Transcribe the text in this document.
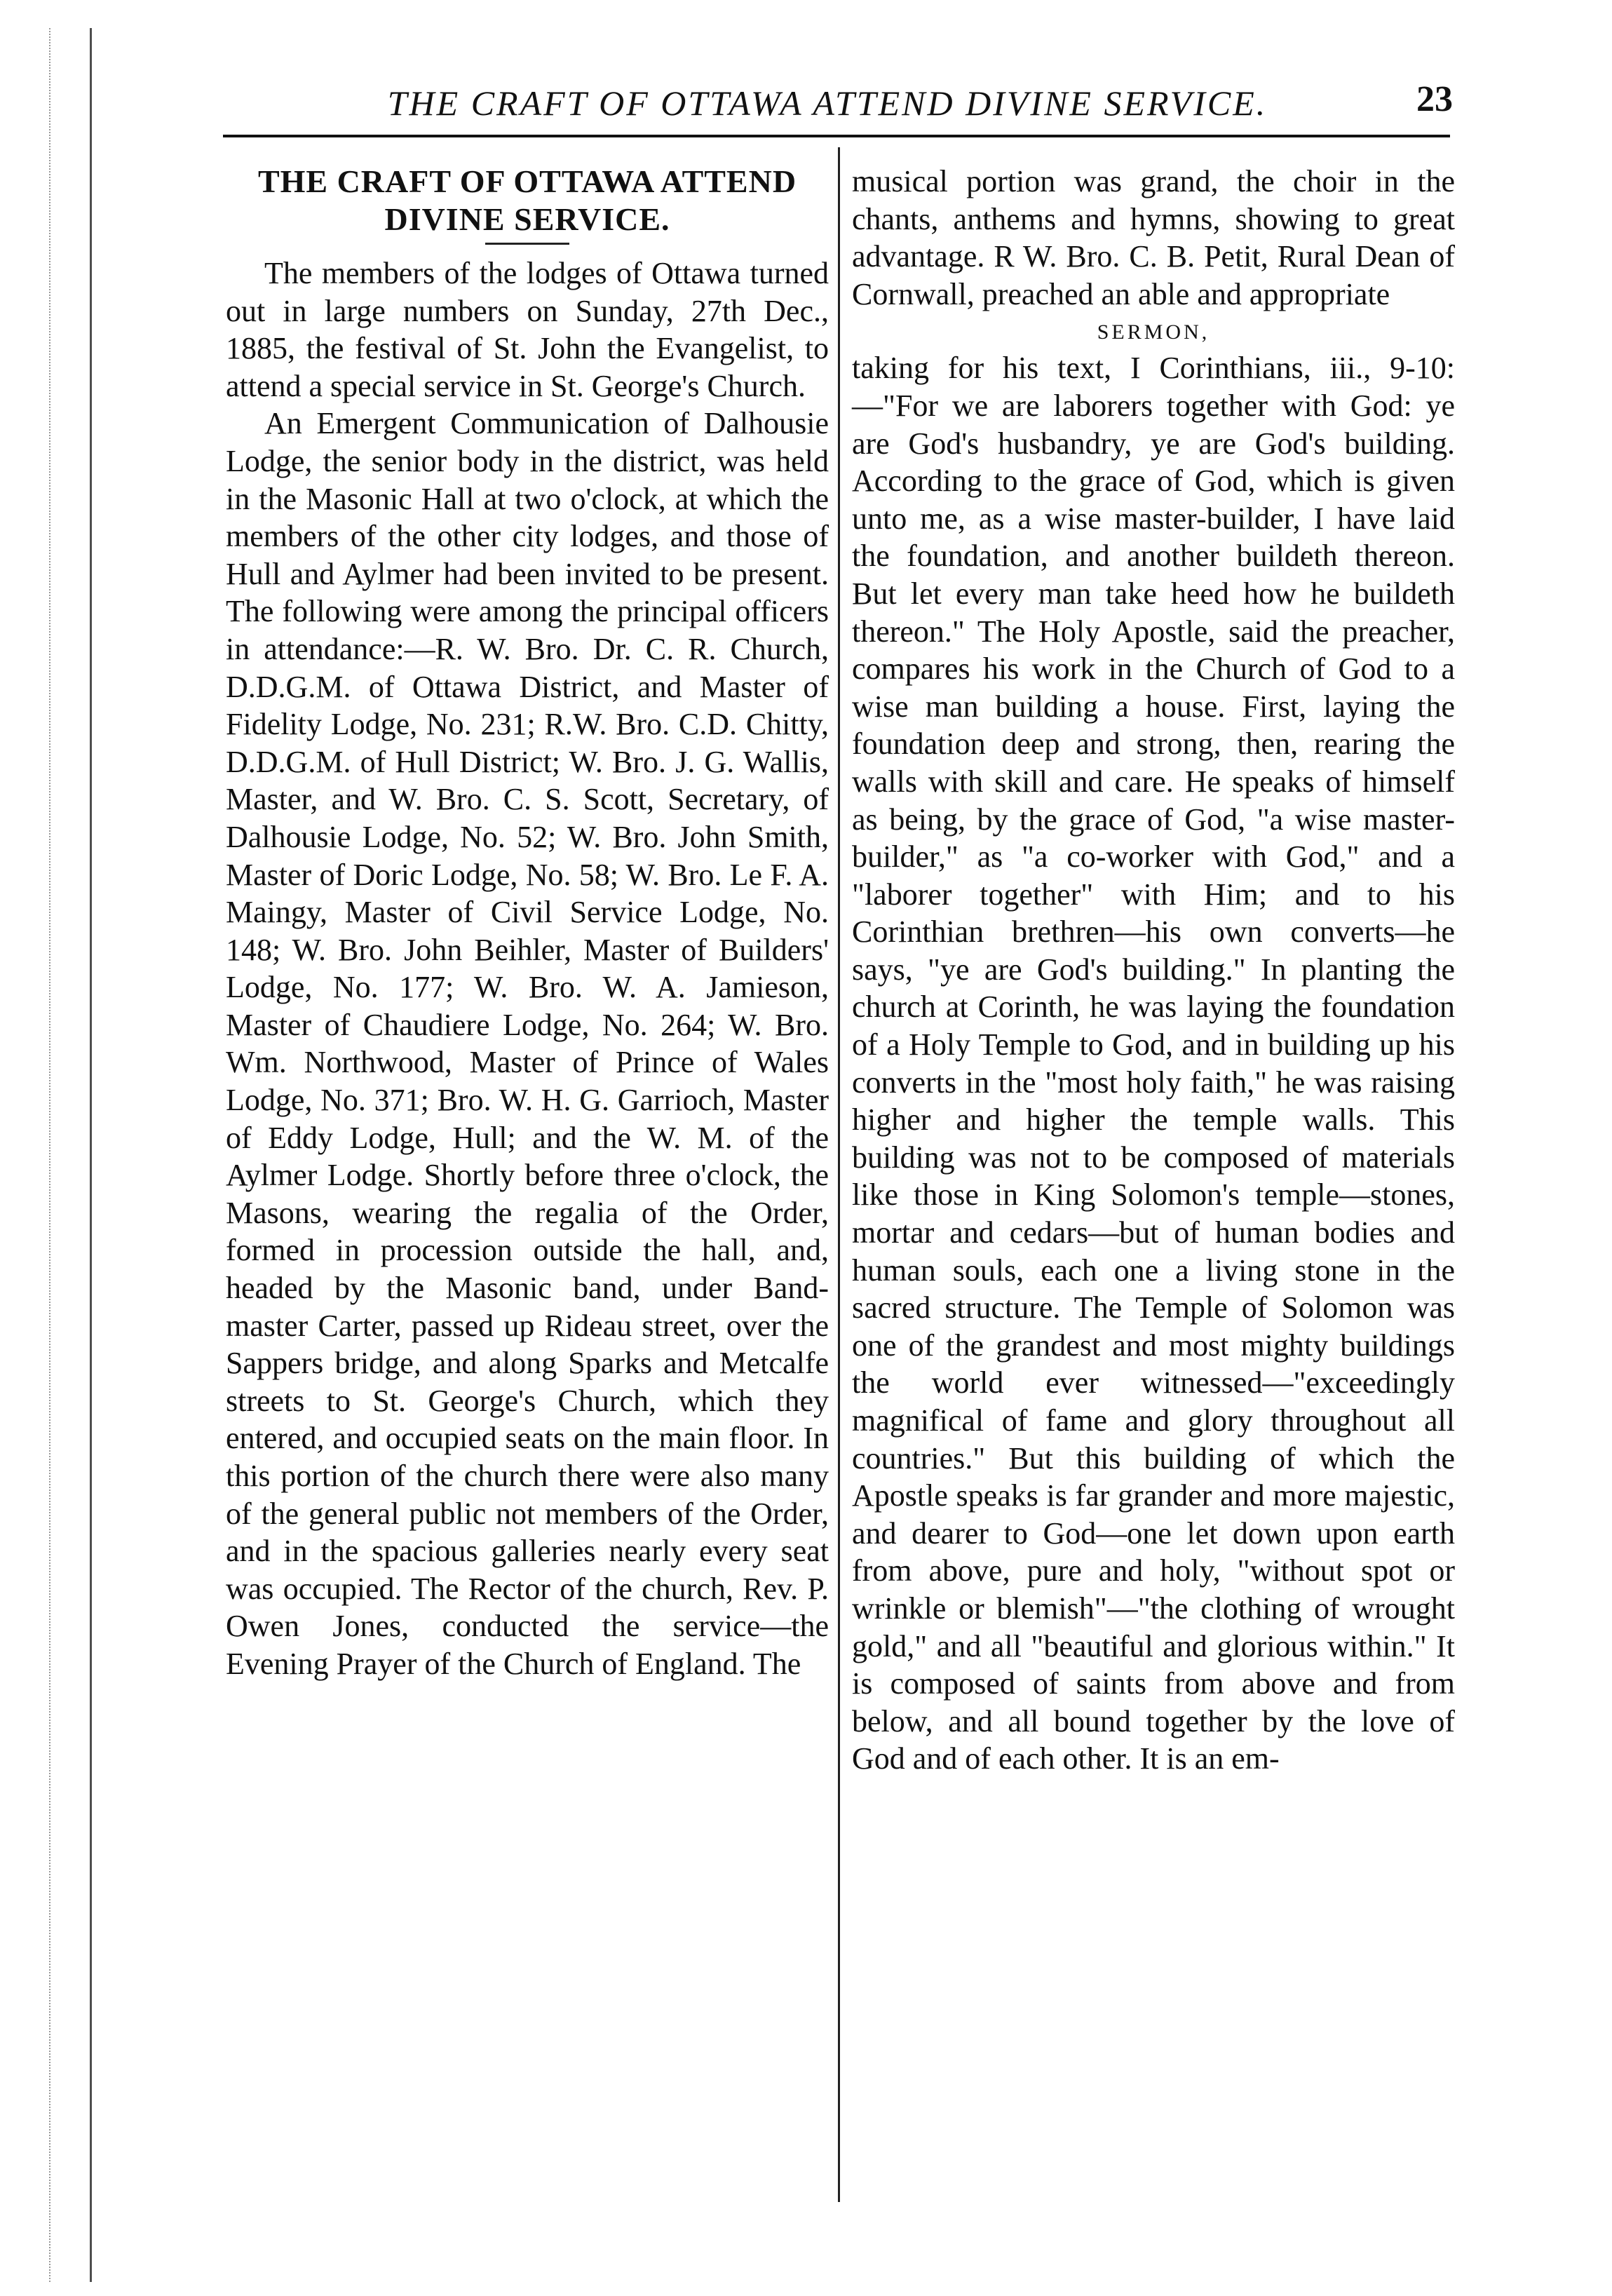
THE CRAFT OF OTTAWA ATTEND DIVINE SERVICE.	23
THE CRAFT OF OTTAWA ATTEND DIVINE SERVICE.

The members of the lodges of Ottawa turned out in large numbers on Sunday, 27th Dec., 1885, the festival of St. John the Evangelist, to attend a special service in St. George's Church.

An Emergent Communication of Dalhousie Lodge, the senior body in the district, was held in the Masonic Hall at two o'clock, at which the members of the other city lodges, and those of Hull and Aylmer had been invited to be present. The following were among the principal officers in attendance:—R. W. Bro. Dr. C. R. Church, D.D.G.M. of Ottawa District, and Master of Fidelity Lodge, No. 231; R.W. Bro. C.D. Chitty, D.D.G.M. of Hull District; W. Bro. J. G. Wallis, Master, and W. Bro. C. S. Scott, Secretary, of Dalhousie Lodge, No. 52; W. Bro. John Smith, Master of Doric Lodge, No. 58; W. Bro. Le F. A. Maingy, Master of Civil Service Lodge, No. 148; W. Bro. John Beihler, Master of Builders' Lodge, No. 177; W. Bro. W. A. Jamieson, Master of Chaudiere Lodge, No. 264; W. Bro. Wm. Northwood, Master of Prince of Wales Lodge, No. 371; Bro. W. H. G. Garrioch, Master of Eddy Lodge, Hull; and the W. M. of the Aylmer Lodge. Shortly before three o'clock, the Masons, wearing the regalia of the Order, formed in procession outside the hall, and, headed by the Masonic band, under Band-master Carter, passed up Rideau street, over the Sappers bridge, and along Sparks and Metcalfe streets to St. George's Church, which they entered, and occupied seats on the main floor. In this portion of the church there were also many of the general public not members of the Order, and in the spacious galleries nearly every seat was occupied. The Rector of the church, Rev. P. Owen Jones, conducted the service—the Evening Prayer of the Church of England. The

musical portion was grand, the choir in the chants, anthems and hymns, showing to great advantage. R W. Bro. C. B. Petit, Rural Dean of Cornwall, preached an able and appropriate

SERMON,

taking for his text, I Corinthians, iii., 9-10: —"For we are laborers together with God: ye are God's husbandry, ye are God's building. According to the grace of God, which is given unto me, as a wise master-builder, I have laid the foundation, and another buildeth thereon. But let every man take heed how he buildeth thereon." The Holy Apostle, said the preacher, compares his work in the Church of God to a wise man building a house. First, laying the foundation deep and strong, then, rearing the walls with skill and care. He speaks of himself as being, by the grace of God, "a wise master-builder," as "a co-worker with God," and a "laborer together" with Him; and to his Corinthian brethren—his own converts—he says, "ye are God's building." In planting the church at Corinth, he was laying the foundation of a Holy Temple to God, and in building up his converts in the "most holy faith," he was raising higher and higher the temple walls. This building was not to be composed of materials like those in King Solomon's temple—stones, mortar and cedars—but of human bodies and human souls, each one a living stone in the sacred structure. The Temple of Solomon was one of the grandest and most mighty buildings the world ever witnessed—"exceedingly magnifical of fame and glory throughout all countries." But this building of which the Apostle speaks is far grander and more majestic, and dearer to God—one let down upon earth from above, pure and holy, "without spot or wrinkle or blemish"—"the clothing of wrought gold," and all "beautiful and glorious within." It is composed of saints from above and from below, and all bound together by the love of God and of each other. It is an em-
